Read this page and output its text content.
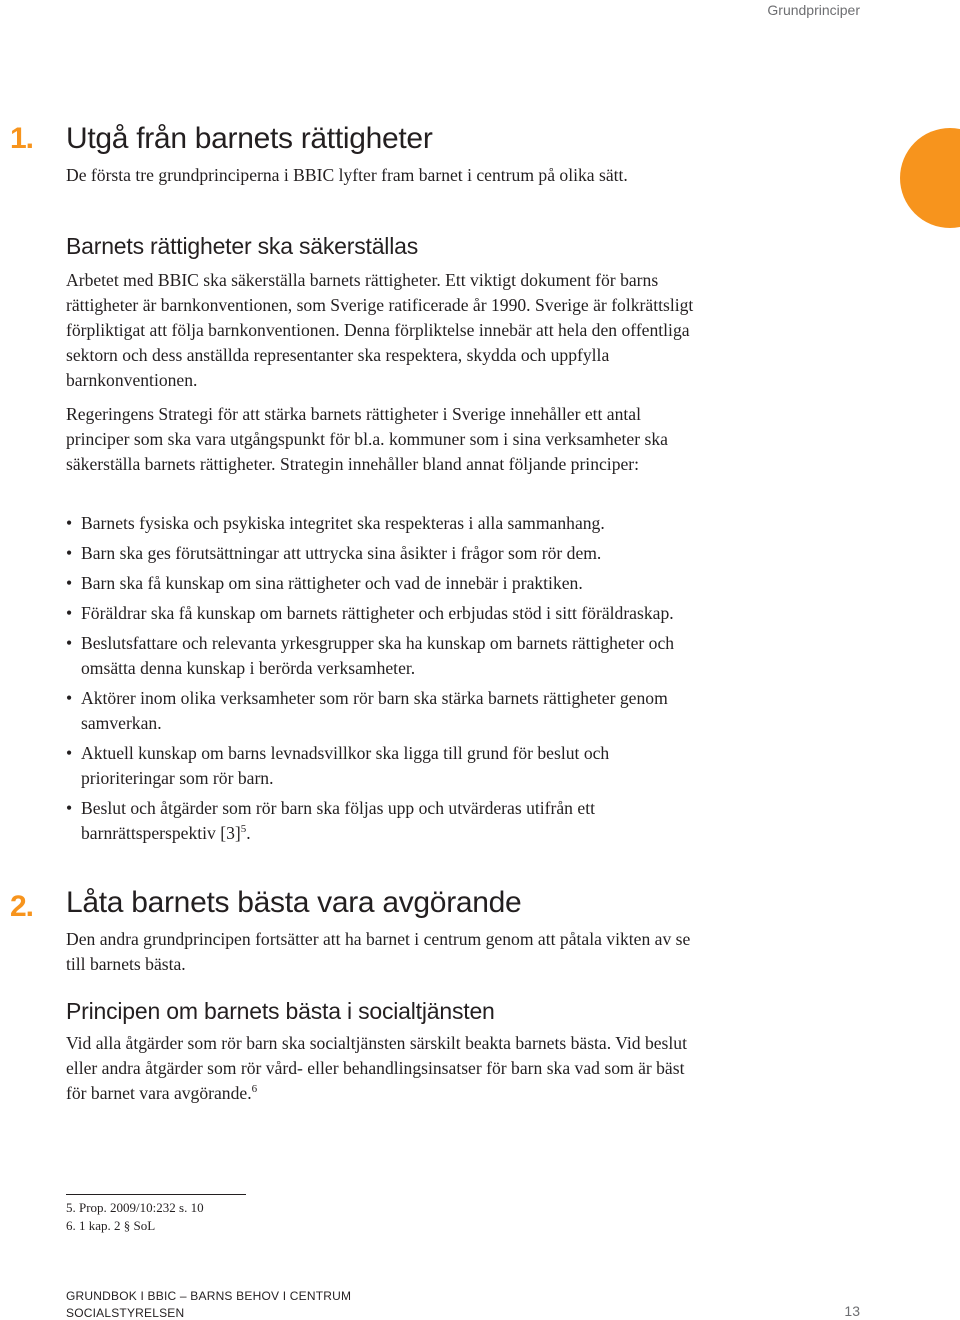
Grundprinciper
1. Utgå från barnets rättigheter
De första tre grundprinciperna i BBIC lyfter fram barnet i centrum på olika sätt.
Barnets rättigheter ska säkerställas
Arbetet med BBIC ska säkerställa barnets rättigheter. Ett viktigt dokument för barns rättigheter är barnkonventionen, som Sverige ratificerade år 1990. Sverige är folkrättsligt förpliktigat att följa barnkonventionen. Denna förpliktelse innebär att hela den offentliga sektorn och dess anställda representanter ska respektera, skydda och uppfylla barnkonventionen.
Regeringens Strategi för att stärka barnets rättigheter i Sverige innehåller ett antal principer som ska vara utgångspunkt för bl.a. kommuner som i sina verksamheter ska säkerställa barnets rättigheter. Strategin innehåller bland annat följande principer:
• Barnets fysiska och psykiska integritet ska respekteras i alla sammanhang.
• Barn ska ges förutsättningar att uttrycka sina åsikter i frågor som rör dem.
• Barn ska få kunskap om sina rättigheter och vad de innebär i praktiken.
• Föräldrar ska få kunskap om barnets rättigheter och erbjudas stöd i sitt föräldraskap.
• Beslutsfattare och relevanta yrkesgrupper ska ha kunskap om barnets rättigheter och omsätta denna kunskap i berörda verksamheter.
• Aktörer inom olika verksamheter som rör barn ska stärka barnets rättigheter genom samverkan.
• Aktuell kunskap om barns levnadsvillkor ska ligga till grund för beslut och prioriteringar som rör barn.
• Beslut och åtgärder som rör barn ska följas upp och utvärderas utifrån ett barnrättsperspektiv $[3]^5$.
2. Låta barnets bästa vara avgörande
Den andra grundprincipen fortsätter att ha barnet i centrum genom att påtala vikten av se till barnets bästa.
Principen om barnets bästa i socialtjänsten
Vid alla åtgärder som rör barn ska socialtjänsten särskilt beakta barnets bästa. Vid beslut eller andra åtgärder som rör vård- eller behandlingsinsatser för barn ska vad som är bäst för barnet vara avgörande.$^6$
5. Prop. 2009/10:232 s. 10
6. 1 kap. 2 § SoL
GRUNDBOK I BBIC – BARNS BEHOV I CENTRUM
SOCIALSTYRELSEN	13
